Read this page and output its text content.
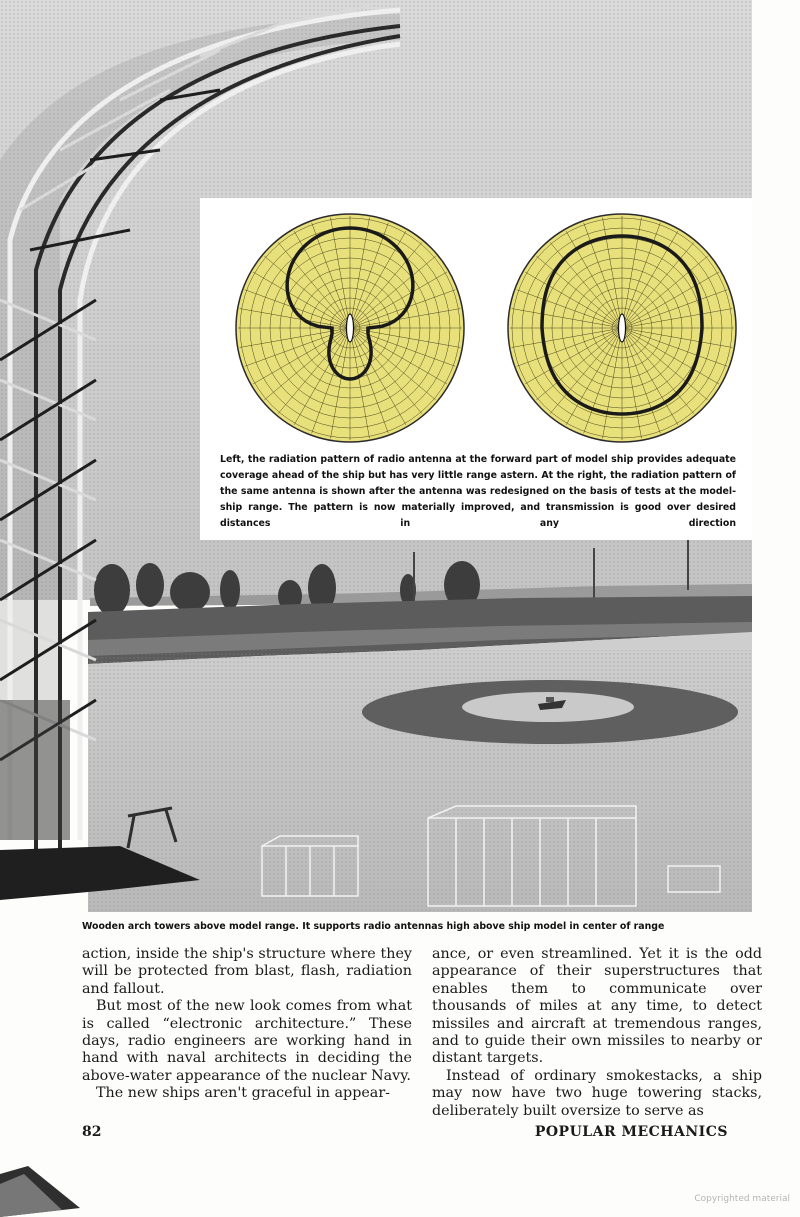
Left, the radiation pattern of radio antenna at the forward part of model ship provides adequate coverage ahead of the ship but has very little range astern. At the right, the radiation pattern of the same antenna is shown after the antenna was redesigned on the basis of tests at the model-ship range. The pattern is now materially improved, and transmission is good over desired distances in any direction
Wooden arch towers above model range. It supports radio antennas high above ship model in center of range

action, inside the ship's structure where they will be protected from blast, flash, radiation and fallout.

But most of the new look comes from what is called “electronic architecture.” These days, radio engineers are working hand in hand with naval architects in deciding the above-water appearance of the nuclear Navy.

The new ships aren't graceful in appear-

ance, or even streamlined. Yet it is the odd appearance of their superstructures that enables them to communicate over thousands of miles at any time, to detect missiles and aircraft at tremendous ranges, and to guide their own missiles to nearby or distant targets.

Instead of ordinary smokestacks, a ship may now have two huge towering stacks, deliberately built oversize to serve as

82	POPULAR MECHANICS
Copyrighted material
